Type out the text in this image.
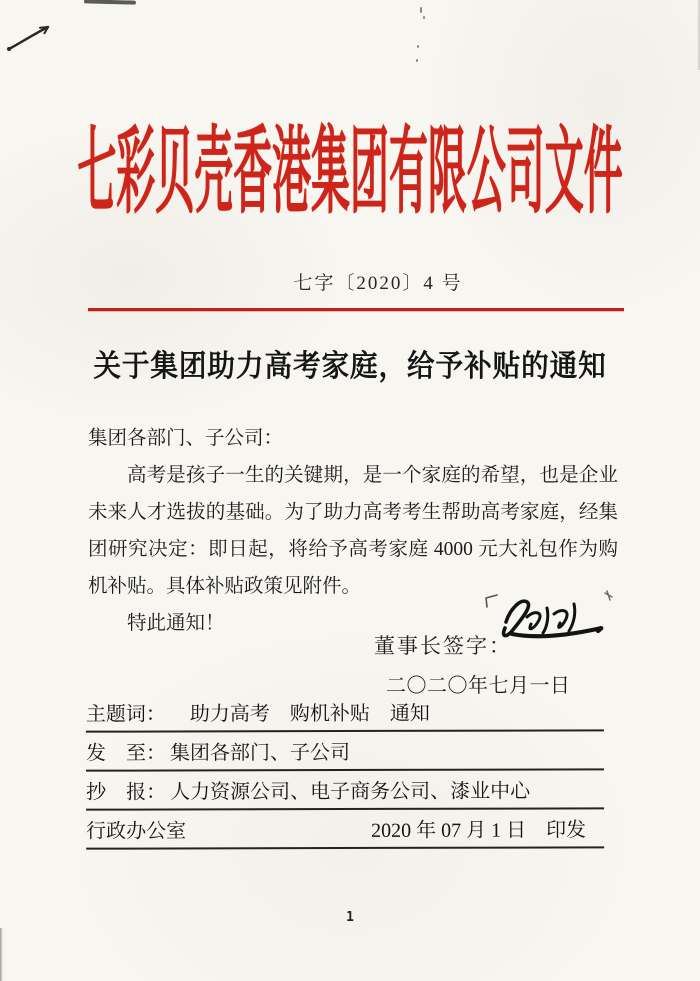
七彩贝壳香港集团有限公司文件
七字〔2020〕4 号
关于集团助力高考家庭，给予补贴的通知
集团各部门、子公司：
高考是孩子一生的关键期，是一个家庭的希望，也是企业
未来人才选拔的基础。为了助力高考考生帮助高考家庭，经集
团研究决定：即日起，将给予高考家庭 4000 元大礼包作为购
机补贴。具体补贴政策见附件。
特此通知！
董事长签字：
二〇二〇年七月一日
主题词： 助力高考　购机补贴　通知
发　至： 集团各部门、子公司
抄　报： 人力资源公司、电子商务公司、漆业中心
行政办公室	2020 年 07 月 1 日　印发
1
